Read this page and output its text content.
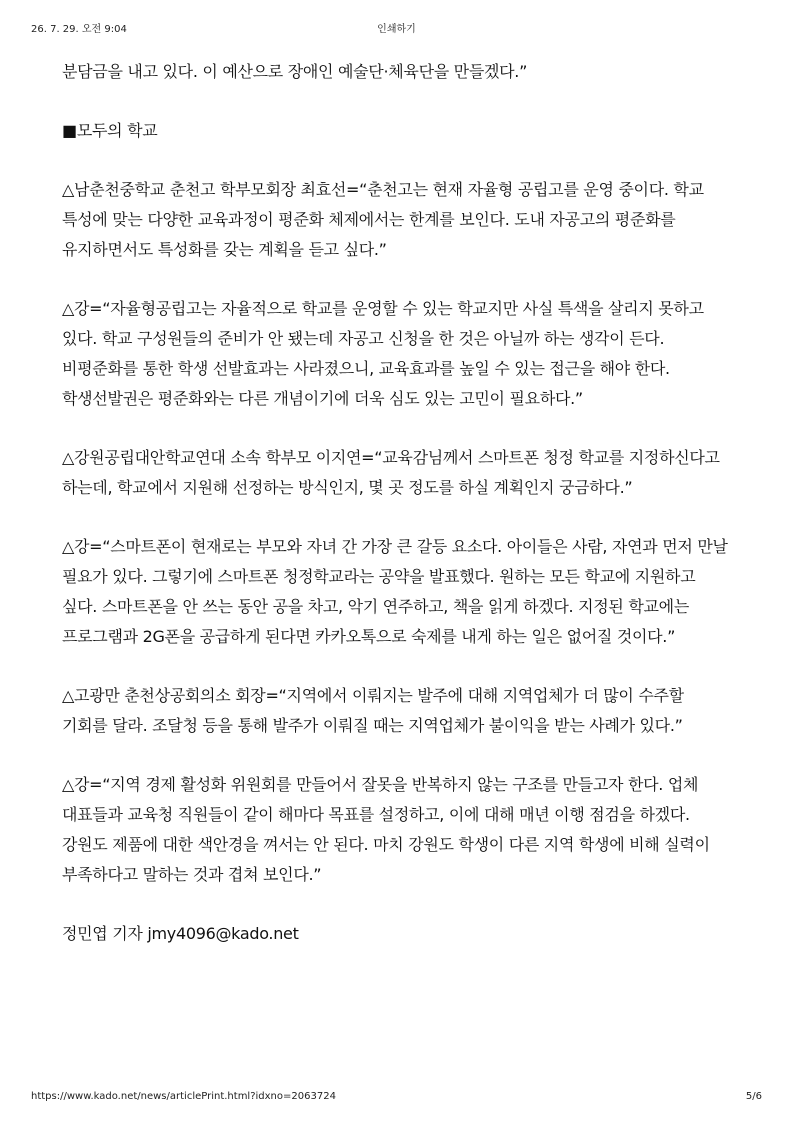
26. 7. 29. 오전 9:04	인쇄하기

분담금을 내고 있다. 이 예산으로 장애인 예술단·체육단을 만들겠다.”

■모두의 학교

△남춘천중학교 춘천고 학부모회장 최효선=“춘천고는 현재 자율형 공립고를 운영 중이다. 학교 특성에 맞는 다양한 교육과정이 평준화 체제에서는 한계를 보인다. 도내 자공고의 평준화를 유지하면서도 특성화를 갖는 계획을 듣고 싶다.”

△강=“자율형공립고는 자율적으로 학교를 운영할 수 있는 학교지만 사실 특색을 살리지 못하고 있다. 학교 구성원들의 준비가 안 됐는데 자공고 신청을 한 것은 아닐까 하는 생각이 든다. 비평준화를 통한 학생 선발효과는 사라졌으니, 교육효과를 높일 수 있는 접근을 해야 한다. 학생선발권은 평준화와는 다른 개념이기에 더욱 심도 있는 고민이 필요하다.”

△강원공립대안학교연대 소속 학부모 이지연=“교육감님께서 스마트폰 청정 학교를 지정하신다고 하는데, 학교에서 지원해 선정하는 방식인지, 몇 곳 정도를 하실 계획인지 궁금하다.”

△강=“스마트폰이 현재로는 부모와 자녀 간 가장 큰 갈등 요소다. 아이들은 사람, 자연과 먼저 만날 필요가 있다. 그렇기에 스마트폰 청정학교라는 공약을 발표했다. 원하는 모든 학교에 지원하고 싶다. 스마트폰을 안 쓰는 동안 공을 차고, 악기 연주하고, 책을 읽게 하겠다. 지정된 학교에는 프로그램과 2G폰을 공급하게 된다면 카카오톡으로 숙제를 내게 하는 일은 없어질 것이다.”

△고광만 춘천상공회의소 회장=“지역에서 이뤄지는 발주에 대해 지역업체가 더 많이 수주할 기회를 달라. 조달청 등을 통해 발주가 이뤄질 때는 지역업체가 불이익을 받는 사례가 있다.”

△강=“지역 경제 활성화 위원회를 만들어서 잘못을 반복하지 않는 구조를 만들고자 한다. 업체 대표들과 교육청 직원들이 같이 해마다 목표를 설정하고, 이에 대해 매년 이행 점검을 하겠다. 강원도 제품에 대한 색안경을 껴서는 안 된다. 마치 강원도 학생이 다른 지역 학생에 비해 실력이 부족하다고 말하는 것과 겹쳐 보인다.”

정민엽 기자 jmy4096@kado.net

https://www.kado.net/news/articlePrint.html?idxno=2063724	5/6
